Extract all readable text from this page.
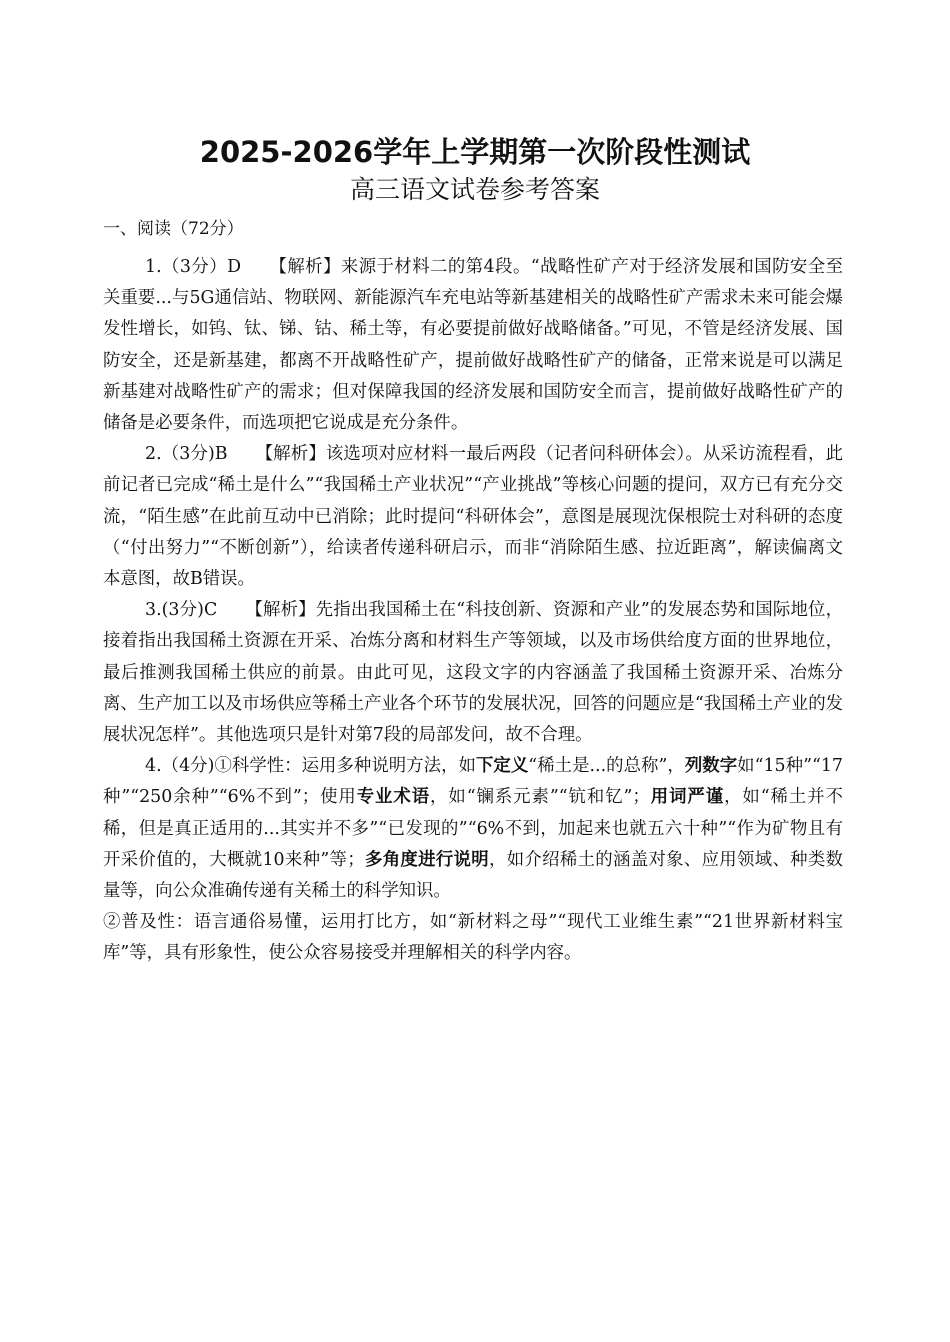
2025-2026学年上学期第一次阶段性测试
高三语文试卷参考答案
一、阅读（72分）

1.（3分）D 【解析】来源于材料二的第4段。“战略性矿产对于经济发展和国防安全至关重要...与5G通信站、物联网、新能源汽车充电站等新基建相关的战略性矿产需求未来可能会爆发性增长，如钨、钛、锑、钴、稀土等，有必要提前做好战略储备。”可见，不管是经济发展、国防安全，还是新基建，都离不开战略性矿产，提前做好战略性矿产的储备，正常来说是可以满足新基建对战略性矿产的需求；但对保障我国的经济发展和国防安全而言，提前做好战略性矿产的储备是必要条件，而选项把它说成是充分条件。

2.（3分)B 【解析】该选项对应材料一最后两段（记者问科研体会）。从采访流程看，此前记者已完成“稀土是什么”“我国稀土产业状况”“产业挑战”等核心问题的提问，双方已有充分交流，“陌生感”在此前互动中已消除；此时提问“科研体会”，意图是展现沈保根院士对科研的态度（“付出努力”“不断创新”），给读者传递科研启示，而非“消除陌生感、拉近距离”，解读偏离文本意图，故B错误。

3.(3分)C 【解析】先指出我国稀土在“科技创新、资源和产业”的发展态势和国际地位，接着指出我国稀土资源在开采、冶炼分离和材料生产等领域，以及市场供给度方面的世界地位，最后推测我国稀土供应的前景。由此可见，这段文字的内容涵盖了我国稀土资源开采、冶炼分离、生产加工以及市场供应等稀土产业各个环节的发展状况，回答的问题应是“我国稀土产业的发展状况怎样”。其他选项只是针对第7段的局部发问，故不合理。

4.（4分)①科学性：运用多种说明方法，如下定义“稀土是...的总称”，列数字如“15种”“17种”“250余种”“6%不到”；使用专业术语，如“镧系元素”“钪和钇”；用词严谨，如“稀土并不稀，但是真正适用的...其实并不多”“已发现的”“6%不到，加起来也就五六十种”“作为矿物且有开采价值的，大概就10来种”等；多角度进行说明，如介绍稀土的涵盖对象、应用领域、种类数量等，向公众准确传递有关稀土的科学知识。

②普及性：语言通俗易懂，运用打比方，如“新材料之母”“现代工业维生素”“21世界新材料宝库”等，具有形象性，使公众容易接受并理解相关的科学内容。
